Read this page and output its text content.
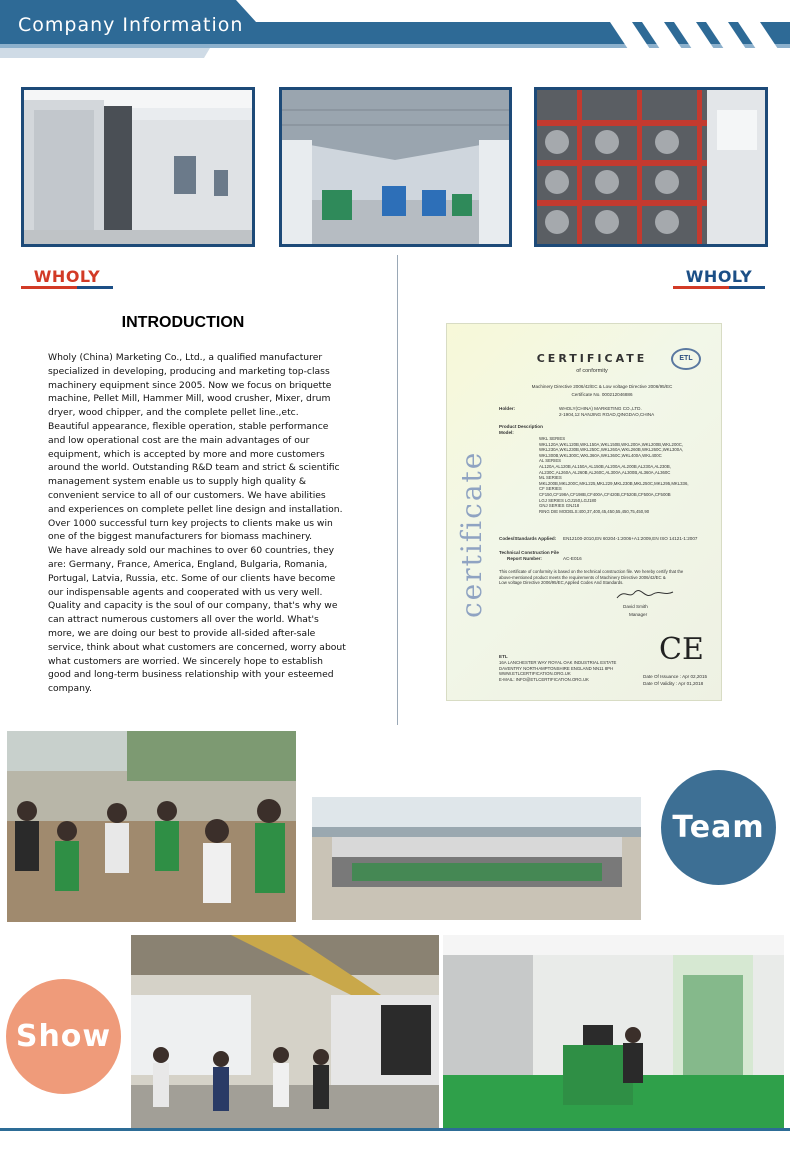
Company Information
WHOLY	WHOLY
INTRODUCTION

Wholy (China) Marketing Co., Ltd., a qualified manufacturer

specialized in developing, producing and marketing top-class

machinery equipment since 2005. Now we focus on briquette

machine, Pellet Mill, Hammer Mill, wood crusher, Mixer, drum

dryer, wood chipper, and the complete pellet line.,etc.

Beautiful appearance, flexible operation, stable performance

and low operational cost are the main advantages of our

equipment, which is accepted by more and more customers

around the world. Outstanding R&D team and strict & scientific

management system enable us to supply high quality &

convenient service to all of our customers. We have abilities

and experiences on complete pellet line design and installation.

Over 1000 successful turn key projects to clients make us win

one of the biggest manufacturers for biomass machinery.

We have already sold our machines to over 60 countries, they

are: Germany, France, America, England, Bulgaria, Romania,

Portugal, Latvia, Russia, etc. Some of our clients have become

our indispensable agents and cooperated with us very well.

Quality and capacity is the soul of our company, that's why we

can attract numerous customers all over the world. What's

more, we are doing our best to provide all-sided after-sale

service, think about what customers are concerned, worry about

what customers are worried. We sincerely hope to establish

good and long-term business relationship with your esteemed

company.

certificate
CERTIFICATE
of conformity
ETL
Machinery Directive 2006/42/EC & Low voltage Directive 2006/95/EC
Certificate No. 000212046886
Holder:	WHOLY(CHINA) MARKETING CO.,LTD.
2-1904,12 NANJING ROAD,QINGDAO,CHINA
Product Description
Model:
WKL SERIES
WKL120A,WKL120B,WKL150A,WKL150B,WKL200A,WKL200B,WKL200C,
WKL230A,WKL230B,WKL250C,WKL260A,WKL260B,WKL260C,WKL300A,
WKL300B,WKL300C,WKL360A,WKL360C,WKL400A,WKL400C
AL SERIES
AL120A,AL120B,AL150A,AL150B,AL200A,AL200B,AL230A,AL230B,
AL230C,AL260A,AL260B,AL260C,AL300A,AL300B,AL360A,AL360C
ML SERIES
MKL200B,MKL200C,MKL225,MKL229,MKL230B,MKL250C,MKL295,MKL336,
CF SERIES
CF150,CF198A,CF198B,CF400A,CF420B,CF520B,CF500A,CF500B
LGJ SERIES LGJ150,LGJ180
GNJ SERIES GNJ18
RING DIE MODELS:400,37,400,45,450,55,450,75,450,90
Codes/Standards Applied: EN12100-2010,EN 60204-1:2006+A1:2009,EN ISO 14121-1:2007
Technical Construction File
Report Number:	AC-E016
This certificate of conformity is based on the technical construction file. We hereby certify that the
above-mentioned product meets the requirements of Machinery Directive 2006/42/EC &
Low voltage Directive 2006/95/EC,Applied Codes And Standards.
David Smith
Manager
CE
ETL
16A LANCHESTER WAY ROYAL OAK INDUSTRIAL ESTATE
DAVENTRY NORTHAMPTONSHIRE ENGLAND NN11 8PH
WWW.ETLCERTIFICATION.ORG.UK
E-MAIL: INFO@ETLCERTIFICATION.ORG.UK
Date Of Issuance : Apr 02,2015
Date Of Validity : Apr 01,2018
Team
Show
